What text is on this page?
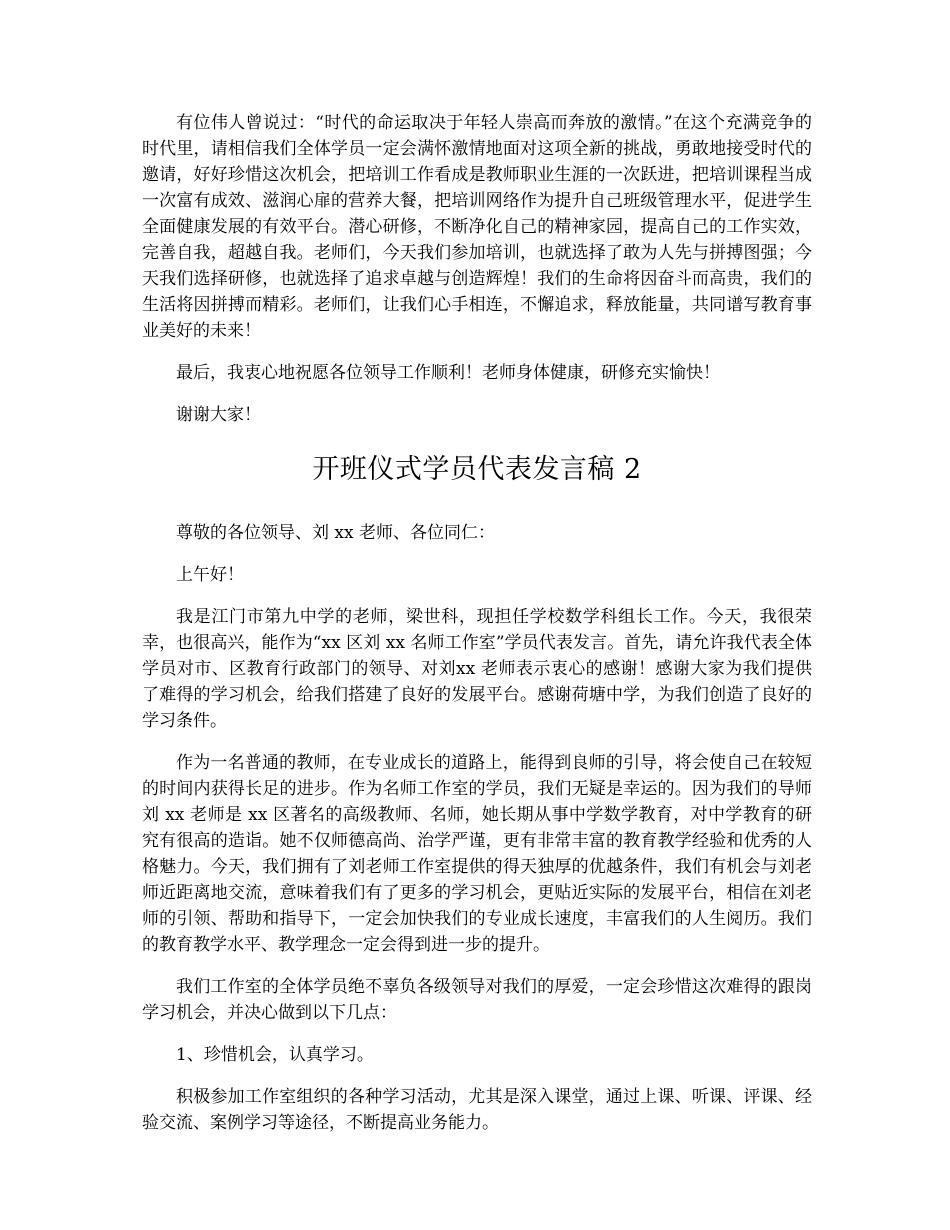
有位伟人曾说过：“时代的命运取决于年轻人崇高而奔放的激情。”在这个充满竞争的时代里，请相信我们全体学员一定会满怀激情地面对这项全新的挑战，勇敢地接受时代的邀请，好好珍惜这次机会，把培训工作看成是教师职业生涯的一次跃进，把培训课程当成一次富有成效、滋润心扉的营养大餐，把培训网络作为提升自己班级管理水平，促进学生全面健康发展的有效平台。潜心研修，不断净化自己的精神家园，提高自己的工作实效，完善自我，超越自我。老师们，今天我们参加培训，也就选择了敢为人先与拼搏图强；今天我们选择研修，也就选择了追求卓越与创造辉煌！我们的生命将因奋斗而高贵，我们的生活将因拼搏而精彩。老师们，让我们心手相连，不懈追求，释放能量，共同谱写教育事业美好的未来！

最后，我衷心地祝愿各位领导工作顺利！老师身体健康，研修充实愉快！

谢谢大家！

开班仪式学员代表发言稿 2

尊敬的各位领导、刘 xx 老师、各位同仁：

上午好！

我是江门市第九中学的老师，梁世科，现担任学校数学科组长工作。今天，我很荣幸，也很高兴，能作为“xx 区刘 xx 名师工作室”学员代表发言。首先，请允许我代表全体学员对市、区教育行政部门的领导、对刘xx 老师表示衷心的感谢！感谢大家为我们提供了难得的学习机会，给我们搭建了良好的发展平台。感谢荷塘中学，为我们创造了良好的学习条件。

作为一名普通的教师，在专业成长的道路上，能得到良师的引导，将会使自己在较短的时间内获得长足的进步。作为名师工作室的学员，我们无疑是幸运的。因为我们的导师刘 xx 老师是 xx 区著名的高级教师、名师，她长期从事中学数学教育，对中学教育的研究有很高的造诣。她不仅师德高尚、治学严谨，更有非常丰富的教育教学经验和优秀的人格魅力。今天，我们拥有了刘老师工作室提供的得天独厚的优越条件，我们有机会与刘老师近距离地交流，意味着我们有了更多的学习机会，更贴近实际的发展平台，相信在刘老师的引领、帮助和指导下，一定会加快我们的专业成长速度，丰富我们的人生阅历。我们的教育教学水平、教学理念一定会得到进一步的提升。

我们工作室的全体学员绝不辜负各级领导对我们的厚爱，一定会珍惜这次难得的跟岗学习机会，并决心做到以下几点：

1、珍惜机会，认真学习。

积极参加工作室组织的各种学习活动，尤其是深入课堂，通过上课、听课、评课、经验交流、案例学习等途径，不断提高业务能力。
